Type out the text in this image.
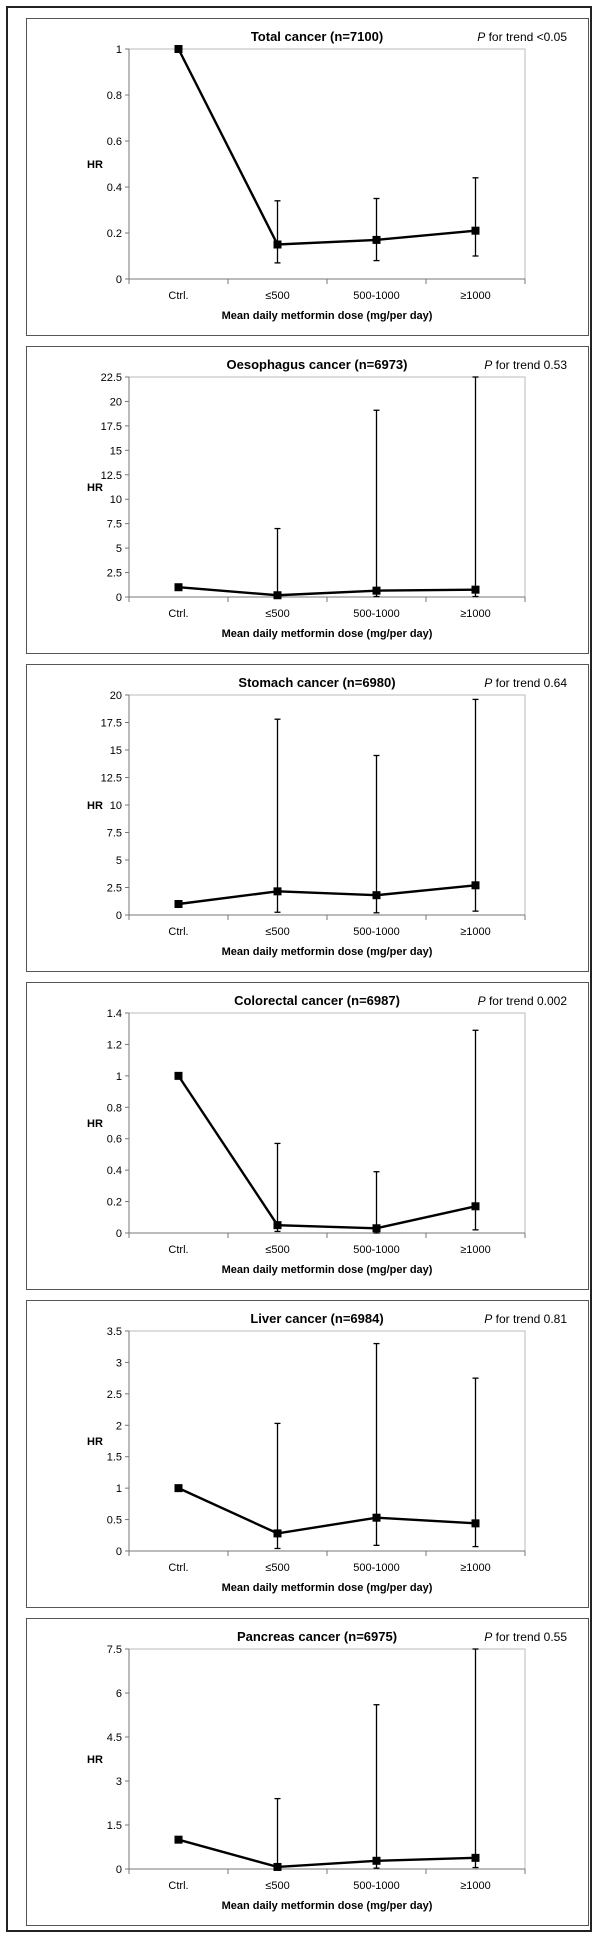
Total cancer (n=7100)	P for trend <0.05
0
0.2
0.4
0.6
0.8
1
HR
Ctrl.	≤500	500-1000	≥1000
Mean daily metformin dose (mg/per day)
Oesophagus cancer (n=6973)	P for trend 0.53
0
2.5
5
7.5
10
12.5
15
17.5
20
22.5
HR
Ctrl.	≤500	500-1000	≥1000
Mean daily metformin dose (mg/per day)
Stomach cancer (n=6980)	P for trend 0.64
0
2.5
5
7.5
10
12.5
15
17.5
20
HR
Ctrl.	≤500	500-1000	≥1000
Mean daily metformin dose (mg/per day)
Colorectal cancer (n=6987)	P for trend 0.002
0
0.2
0.4
0.6
0.8
1
1.2
1.4
HR
Ctrl.	≤500	500-1000	≥1000
Mean daily metformin dose (mg/per day)
Liver cancer (n=6984)	P for trend 0.81
0
0.5
1
1.5
2
2.5
3
3.5
HR
Ctrl.	≤500	500-1000	≥1000
Mean daily metformin dose (mg/per day)
Pancreas cancer (n=6975)	P for trend 0.55
0
1.5
3
4.5
6
7.5
HR
Ctrl.	≤500	500-1000	≥1000
Mean daily metformin dose (mg/per day)
